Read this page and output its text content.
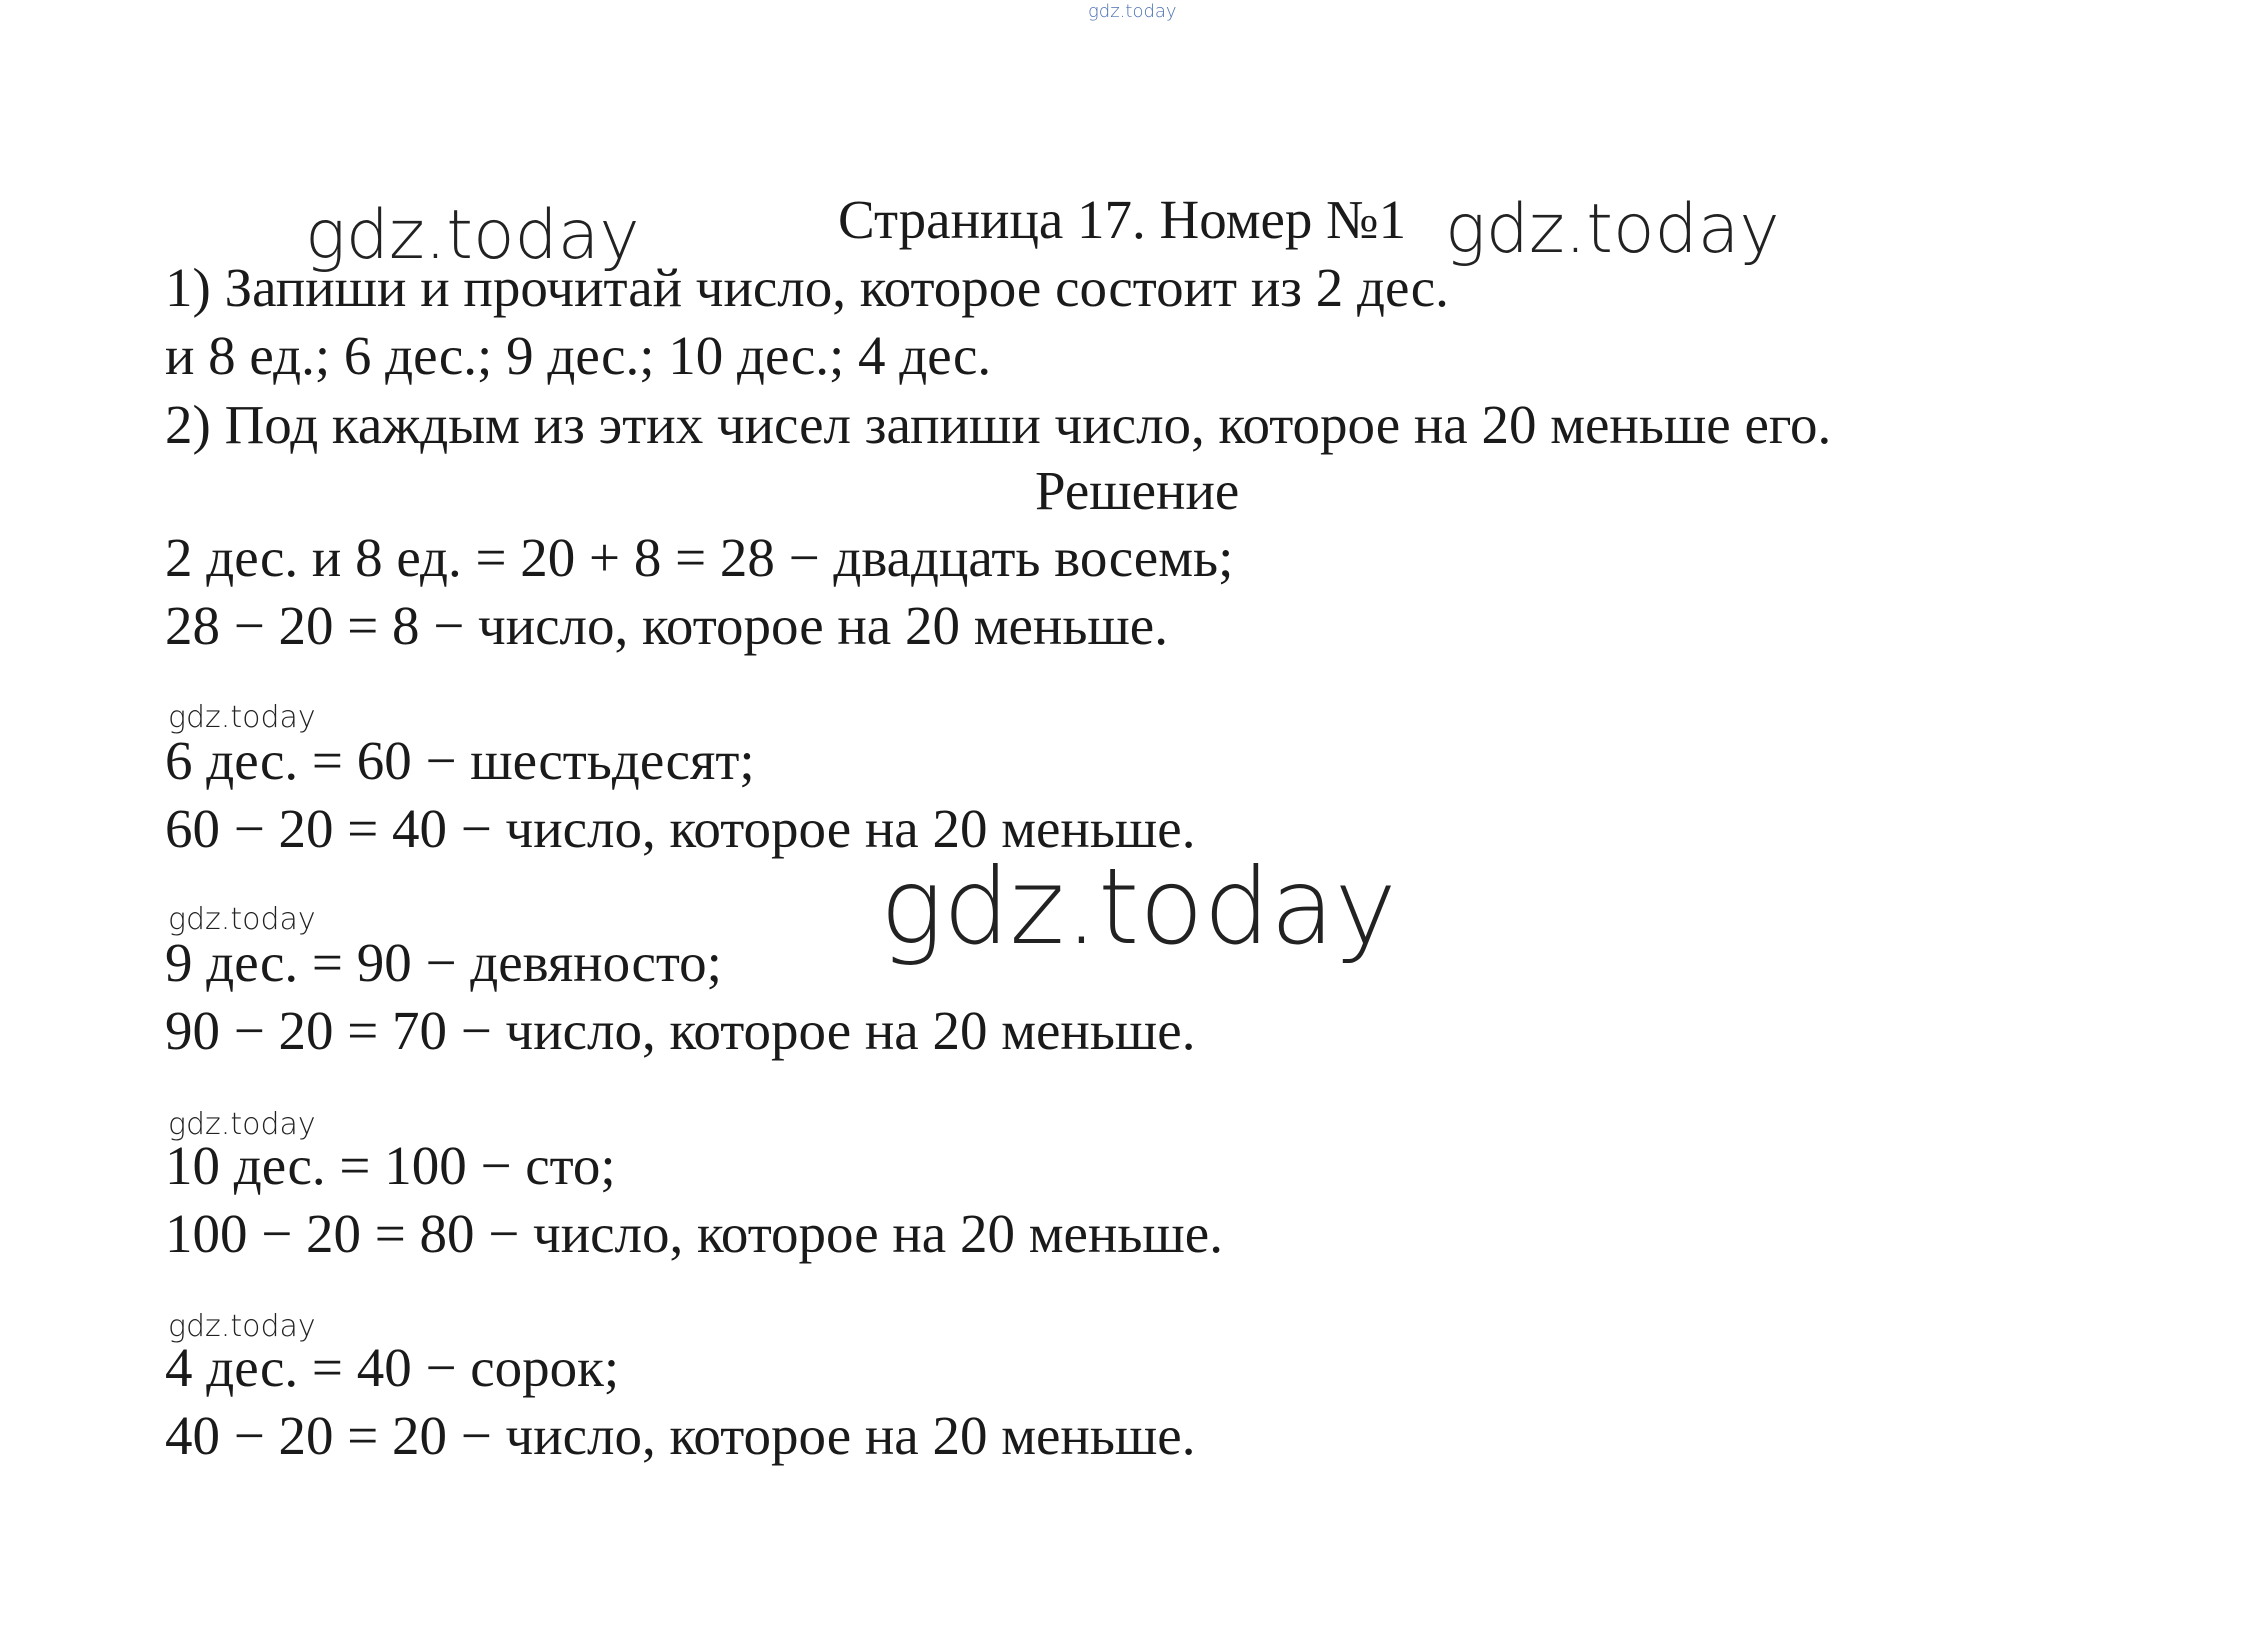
gdz.today
gdz.today	gdz.today
gdz.today
gdz.today
gdz.today
gdz.today
gdz.today
Страница 17. Номер №1
1) Запиши и прочитай число, которое состоит из 2 дес.
и 8 ед.; 6 дес.; 9 дес.; 10 дес.; 4 дес.
2) Под каждым из этих чисел запиши число, которое на 20 меньше его.
Решение
2 дес. и 8 ед. = 20 + 8 = 28 − двадцать восемь;
28 − 20 = 8 − число, которое на 20 меньше.
6 дес. = 60 − шестьдесят;
60 − 20 = 40 − число, которое на 20 меньше.
9 дес. = 90 − девяносто;
90 − 20 = 70 − число, которое на 20 меньше.
10 дес. = 100 − сто;
100 − 20 = 80 − число, которое на 20 меньше.
4 дес. = 40 − сорок;
40 − 20 = 20 − число, которое на 20 меньше.
